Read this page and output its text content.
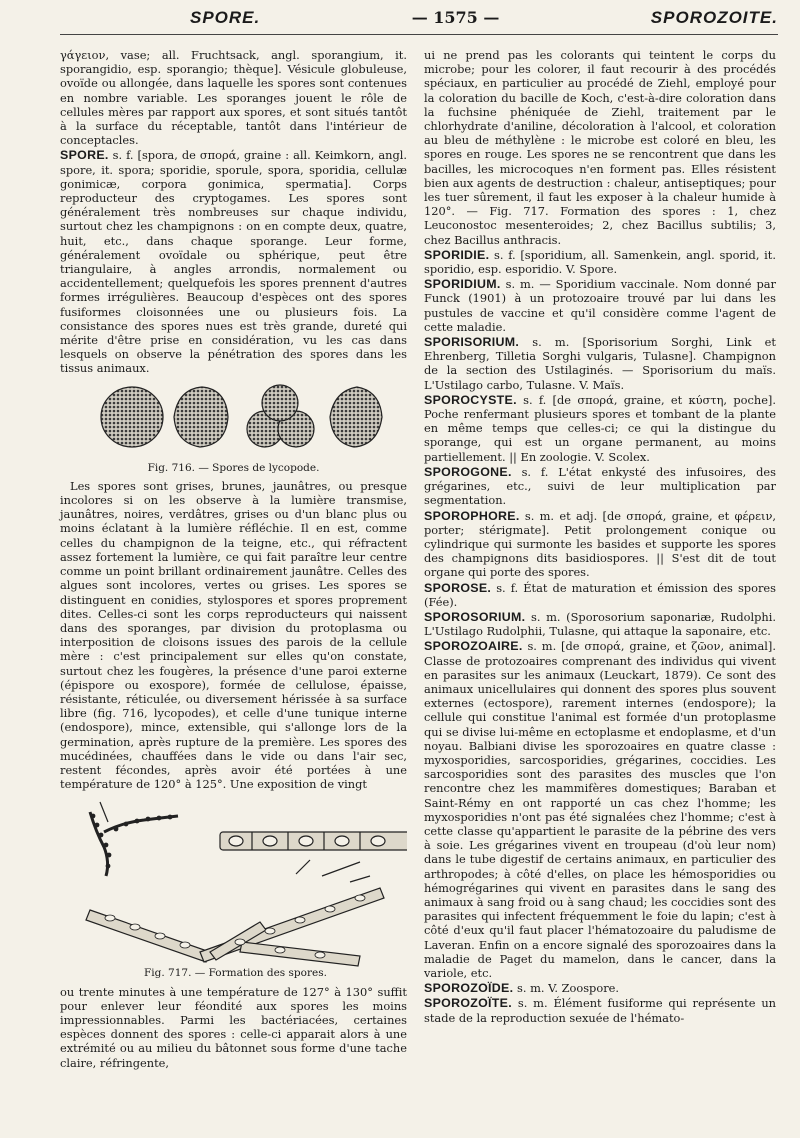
SPORE.	— 1575 —	SPOROZOITE.

γάγειον, vase; all. Fruchtsack, angl. sporangium, it. sporangidio, esp. sporangio; thèque]. Vésicule globuleuse, ovoïde ou allongée, dans laquelle les spores sont contenues en nombre variable. Les sporanges jouent le rôle de cellules mères par rapport aux spores, et sont situés tantôt à la surface du réceptable, tantôt dans l'intérieur de conceptacles.

SPORE. s. f. [spora, de σπορά, graine : all. Keimkorn, angl. spore, it. spora; sporidie, sporule, spora, sporidia, cellulæ gonimicæ, corpora gonimica, spermatia]. Corps reproducteur des cryptogames. Les spores sont généralement très nombreuses sur chaque individu, surtout chez les champignons : on en compte deux, quatre, huit, etc., dans chaque sporange. Leur forme, généralement ovoïdale ou sphérique, peut être triangulaire, à angles arrondis, normalement ou accidentellement; quelquefois les spores prennent d'autres formes irrégulières. Beaucoup d'espèces ont des spores fusiformes cloisonnées une ou plusieurs fois. La consistance des spores nues est très grande, dureté qui mérite d'être prise en considération, vu les cas dans lesquels on observe la pénétration des spores dans les tissus animaux.

Fig. 716. — Spores de lycopode.

Les spores sont grises, brunes, jaunâtres, ou presque incolores si on les observe à la lumière transmise, jaunâtres, noires, verdâtres, grises ou d'un blanc plus ou moins éclatant à la lumière réfléchie. Il en est, comme celles du champignon de la teigne, etc., qui réfractent assez fortement la lumière, ce qui fait paraître leur centre comme un point brillant ordinairement jaunâtre. Celles des algues sont incolores, vertes ou grises. Les spores se distinguent en conidies, stylospores et spores proprement dites. Celles-ci sont les corps reproducteurs qui naissent dans des sporanges, par division du protoplasma ou interposition de cloisons issues des parois de la cellule mère : c'est principalement sur elles qu'on constate, surtout chez les fougères, la présence d'une paroi externe (épispore ou exospore), formée de cellulose, épaisse, résistante, réticulée, ou diversement hérissée à sa surface libre (fig. 716, lycopodes), et celle d'une tunique interne (endospore), mince, extensible, qui s'allonge lors de la germination, après rupture de la première. Les spores des mucédinées, chauffées dans le vide ou dans l'air sec, restent fécondes, après avoir été portées à une température de 120° à 125°. Une exposition de vingt

Fig. 717. — Formation des spores.

ou trente minutes à une température de 127° à 130° suffit pour enlever leur féondité aux spores les moins impressionnables. Parmi les bactériacées, certaines espèces donnent des spores : celle-ci apparait alors à une extrémité ou au milieu du bâtonnet sous forme d'une tache claire, réfringente,

ui ne prend pas les colorants qui teintent le corps du microbe; pour les colorer, il faut recourir à des procédés spéciaux, en particulier au procédé de Ziehl, employé pour la coloration du bacille de Koch, c'est-à-dire coloration dans la fuchsine phéniquée de Ziehl, traitement par le chlorhydrate d'aniline, décoloration à l'alcool, et coloration au bleu de méthylène : le microbe est coloré en bleu, les spores en rouge. Les spores ne se rencontrent que dans les bacilles, les microcoques n'en forment pas. Elles résistent bien aux agents de destruction : chaleur, antiseptiques; pour les tuer sûrement, il faut les exposer à la chaleur humide à 120°. — Fig. 717. Formation des spores : 1, chez Leuconostoc mesenteroides; 2, chez Bacillus subtilis; 3, chez Bacillus anthracis.

SPORIDIE. s. f. [sporidium, all. Samenkein, angl. sporid, it. sporidio, esp. esporidio. V. Spore.

SPORIDIUM. s. m. — Sporidium vaccinale. Nom donné par Funck (1901) à un protozoaire trouvé par lui dans les pustules de vaccine et qu'il considère comme l'agent de cette maladie.

SPORISORIUM. s. m. [Sporisorium Sorghi, Link et Ehrenberg, Tilletia Sorghi vulgaris, Tulasne]. Champignon de la section des Ustilaginés. — Sporisorium du maïs. L'Ustilago carbo, Tulasne. V. Maïs.

SPOROCYSTE. s. f. [de σπορά, graine, et κύστη, poche]. Poche renfermant plusieurs spores et tombant de la plante en même temps que celles-ci; ce qui la distingue du sporange, qui est un organe permanent, au moins partiellement. || En zoologie. V. Scolex.

SPOROGONE. s. f. L'état enkysté des infusoires, des grégarines, etc., suivi de leur multiplication par segmentation.

SPOROPHORE. s. m. et adj. [de σπορά, graine, et φέρειν, porter; stérigmate]. Petit prolongement conique ou cylindrique qui surmonte les basides et supporte les spores des champignons dits basidiospores. || S'est dit de tout organe qui porte des spores.

SPOROSE. s. f. État de maturation et émission des spores (Fée).

SPOROSORIUM. s. m. (Sporosorium saponariæ, Rudolphi. L'Ustilago Rudolphii, Tulasne, qui attaque la saponaire, etc.

SPOROZOAIRE. s. m. [de σπορά, graine, et ζῶον, animal]. Classe de protozoaires comprenant des individus qui vivent en parasites sur les animaux (Leuckart, 1879). Ce sont des animaux unicellulaires qui donnent des spores plus souvent externes (ectospore), rarement internes (endospore); la cellule qui constitue l'animal est formée d'un protoplasme qui se divise lui-même en ectoplasme et endoplasme, et d'un noyau. Balbiani divise les sporozoaires en quatre classe : myxosporidies, sarcosporidies, grégarines, coccidies. Les sarcosporidies sont des parasites des muscles que l'on rencontre chez les mammifères domestiques; Baraban et Saint-Rémy en ont rapporté un cas chez l'homme; les myxosporidies n'ont pas été signalées chez l'homme; c'est à cette classe qu'appartient le parasite de la pébrine des vers à soie. Les grégarines vivent en troupeau (d'où leur nom) dans le tube digestif de certains animaux, en particulier des arthropodes; à côté d'elles, on place les hémosporidies ou hémogrégarines qui vivent en parasites dans le sang des animaux à sang froid ou à sang chaud; les coccidies sont des parasites qui infectent fréquemment le foie du lapin; c'est à côté d'eux qu'il faut placer l'hématozoaire du paludisme de Laveran. Enfin on a encore signalé des sporozoaires dans la maladie de Paget du mamelon, dans le cancer, dans la variole, etc.

SPOROZOÏDE. s. m. V. Zoospore.

SPOROZOÏTE. s. m. Élément fusiforme qui représente un stade de la reproduction sexuée de l'hémato-
